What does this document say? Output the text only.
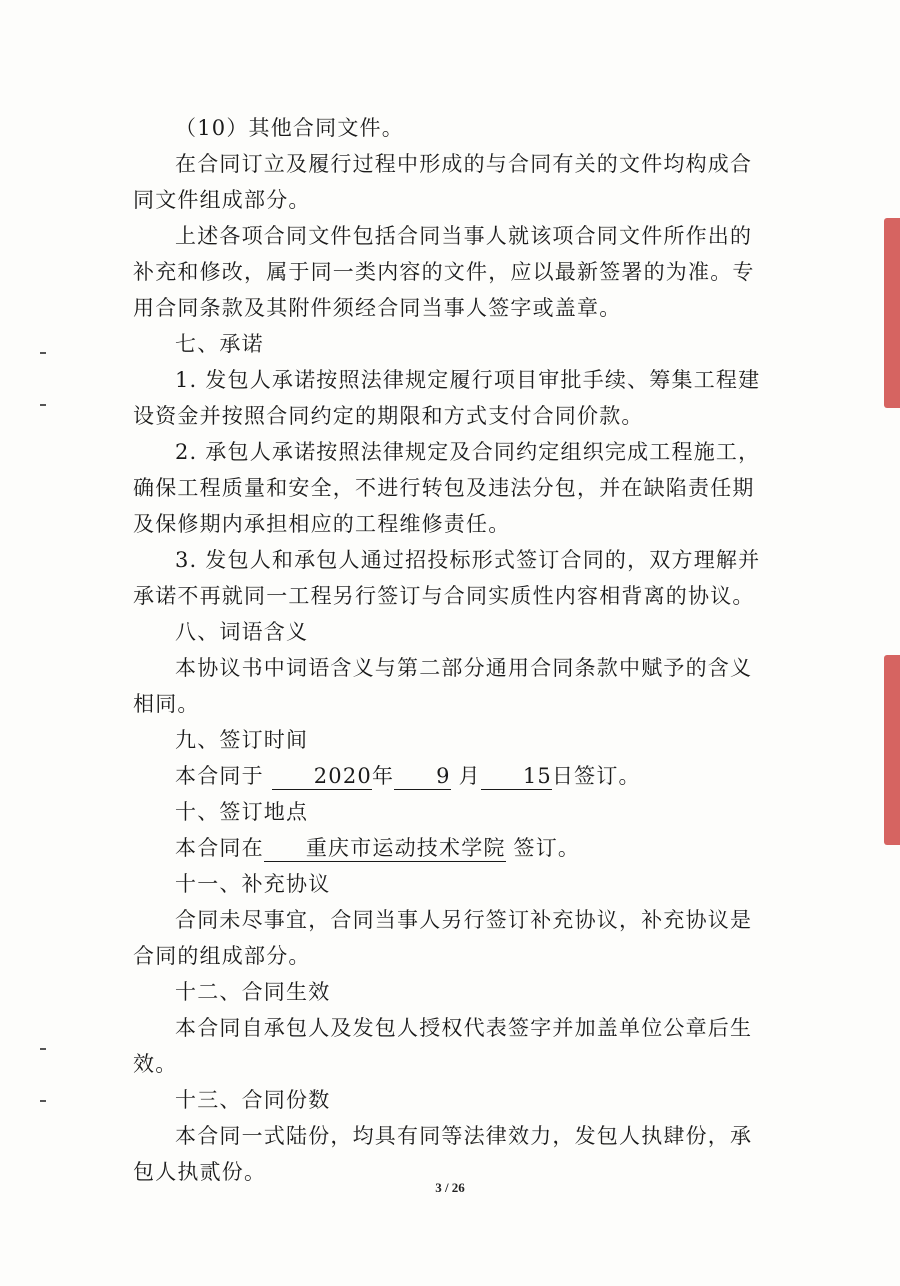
（10）其他合同文件。

在合同订立及履行过程中形成的与合同有关的文件均构成合同文件组成部分。

上述各项合同文件包括合同当事人就该项合同文件所作出的补充和修改，属于同一类内容的文件，应以最新签署的为准。专用合同条款及其附件须经合同当事人签字或盖章。

七、承诺

1. 发包人承诺按照法律规定履行项目审批手续、筹集工程建设资金并按照合同约定的期限和方式支付合同价款。

2. 承包人承诺按照法律规定及合同约定组织完成工程施工，确保工程质量和安全，不进行转包及违法分包，并在缺陷责任期及保修期内承担相应的工程维修责任。

3. 发包人和承包人通过招投标形式签订合同的，双方理解并承诺不再就同一工程另行签订与合同实质性内容相背离的协议。

八、词语含义

本协议书中词语含义与第二部分通用合同条款中赋予的含义相同。

九、签订时间

本合同于 2020年 9 月 15日签订。

十、签订地点

本合同在 重庆市运动技术学院 签订。

十一、补充协议

合同未尽事宜，合同当事人另行签订补充协议，补充协议是合同的组成部分。

十二、合同生效

本合同自承包人及发包人授权代表签字并加盖单位公章后生效。

十三、合同份数

本合同一式陆份，均具有同等法律效力，发包人执肆份，承包人执贰份。

3 / 26
